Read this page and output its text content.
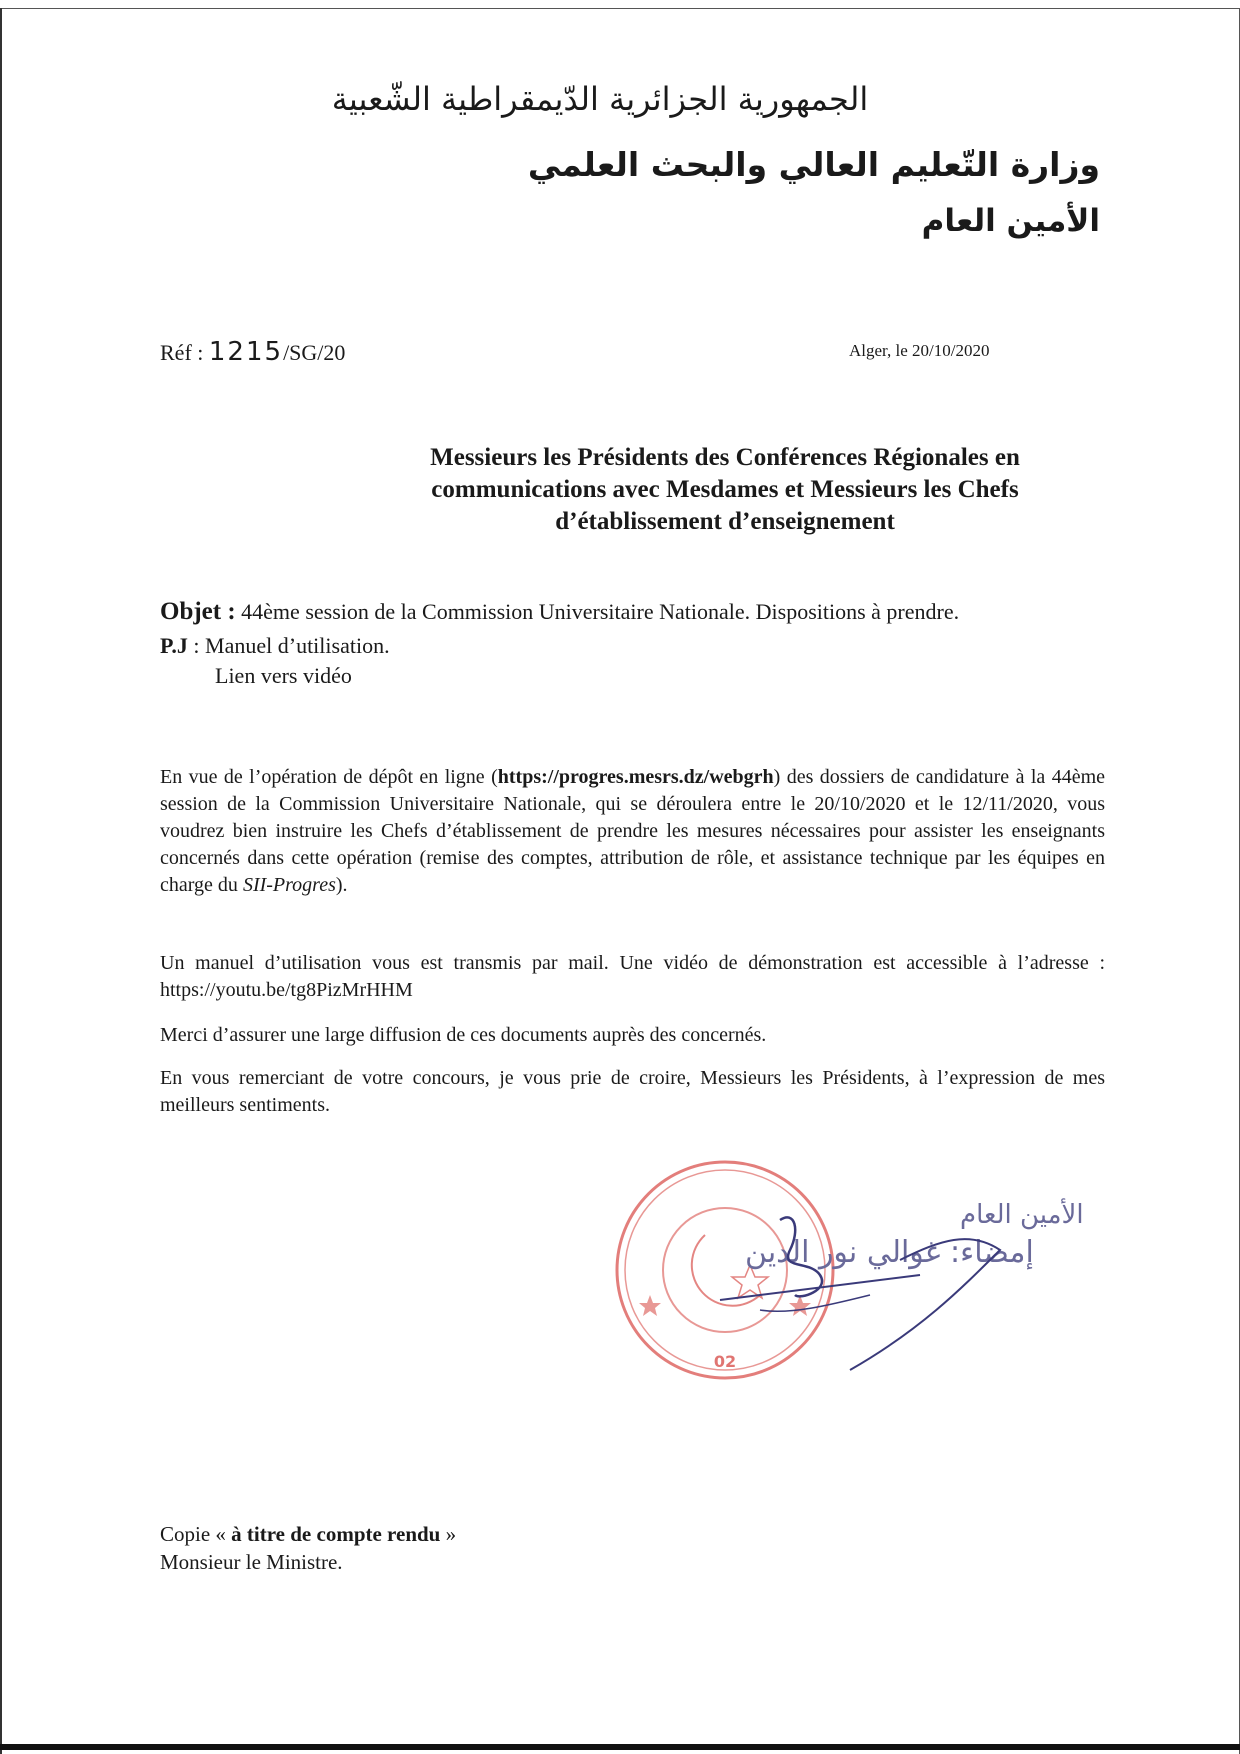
الجمهورية الجزائرية الدّيمقراطية الشّعبية
وزارة التّعليم العالي والبحث العلمي
الأمين العام
Réf : 1215/SG/20	Alger, le 20/10/2020
Messieurs les Présidents des Conférences Régionales en
communications avec Mesdames et Messieurs les Chefs
d’établissement d’enseignement
Objet : 44ème session de la Commission Universitaire Nationale. Dispositions à prendre.
P.J : Manuel d’utilisation.
Lien vers vidéo
En vue de l’opération de dépôt en ligne (https://progres.mesrs.dz/webgrh) des dossiers de candidature à la 44ème session de la Commission Universitaire Nationale, qui se déroulera entre le 20/10/2020 et le 12/11/2020, vous voudrez bien instruire les Chefs d’établissement de prendre les mesures nécessaires pour assister les enseignants concernés dans cette opération (remise des comptes, attribution de rôle, et assistance technique par les équipes en charge du SII-Progres).
Un manuel d’utilisation vous est transmis par mail. Une vidéo de démonstration est accessible à l’adresse : https://youtu.be/tg8PizMrHHM
Merci d’assurer une large diffusion de ces documents auprès des concernés.
En vous remerciant de votre concours, je vous prie de croire, Messieurs les Présidents, à l’expression de mes meilleurs sentiments.
02
الأمين العام
إمضاء: غوالي نور الدين
Copie « à titre de compte rendu »
Monsieur le Ministre.
